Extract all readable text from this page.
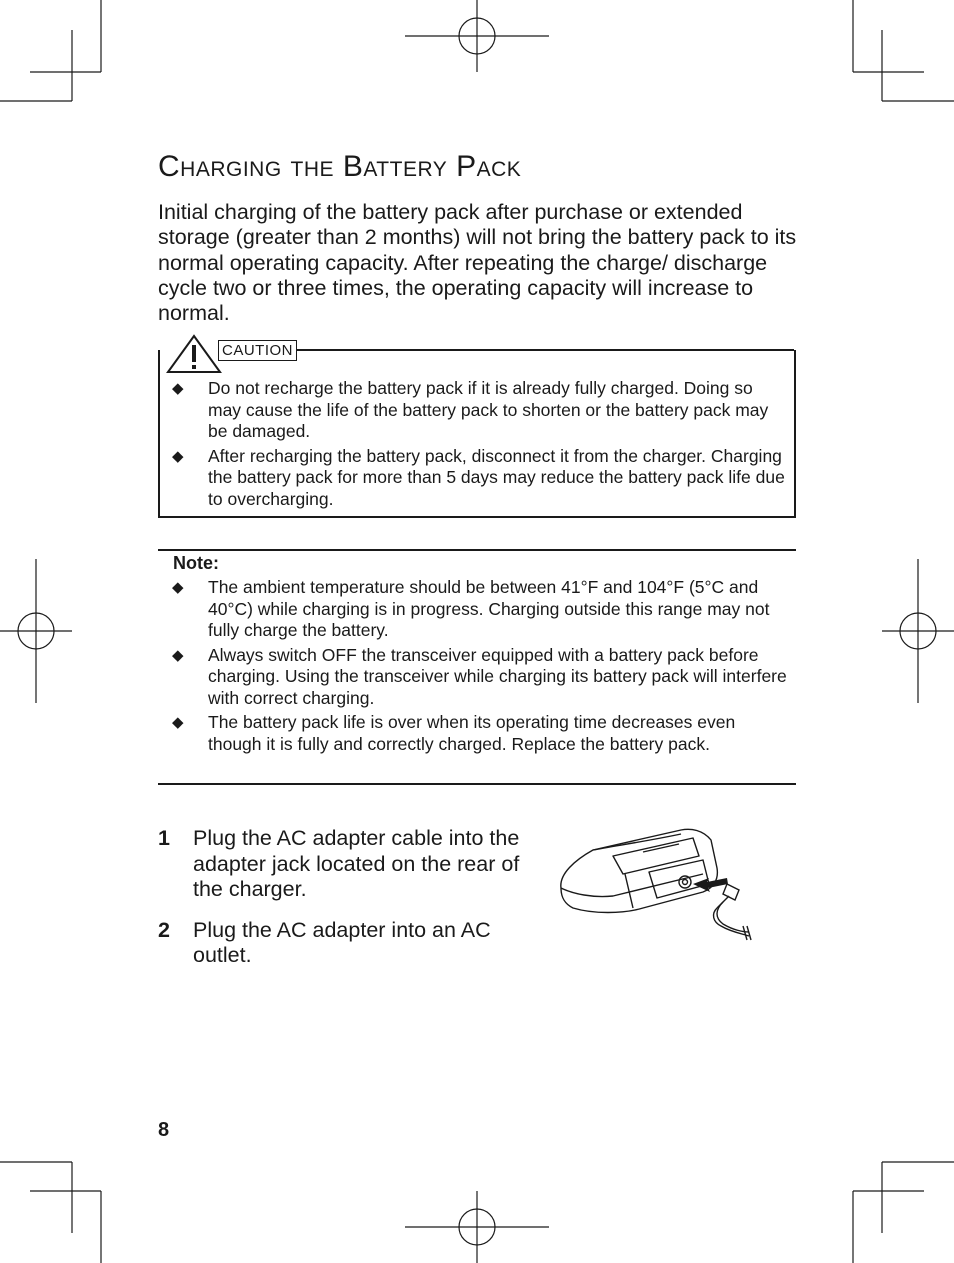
Charging the Battery Pack

Initial charging of the battery pack after purchase or extended storage (greater than 2 months) will not bring the battery pack to its normal operating capacity. After repeating the charge/ discharge cycle two or three times, the operating capacity will increase to normal.

CAUTION
◆ Do not recharge the battery pack if it is already fully charged. Doing so may cause the life of the battery pack to shorten or the battery pack may be damaged.
◆ After recharging the battery pack, disconnect it from the charger. Charging the battery pack for more than 5 days may reduce the battery pack life due to overcharging.
Note:
◆ The ambient temperature should be between 41°F and 104°F (5°C and 40°C) while charging is in progress. Charging outside this range may not fully charge the battery.
◆ Always switch OFF the transceiver equipped with a battery pack before charging. Using the transceiver while charging its battery pack will interfere with correct charging.
◆ The battery pack life is over when its operating time decreases even though it is fully and correctly charged. Replace the battery pack.
1 Plug the AC adapter cable into the adapter jack located on the rear of the charger.
2 Plug the AC adapter into an AC outlet.
8
